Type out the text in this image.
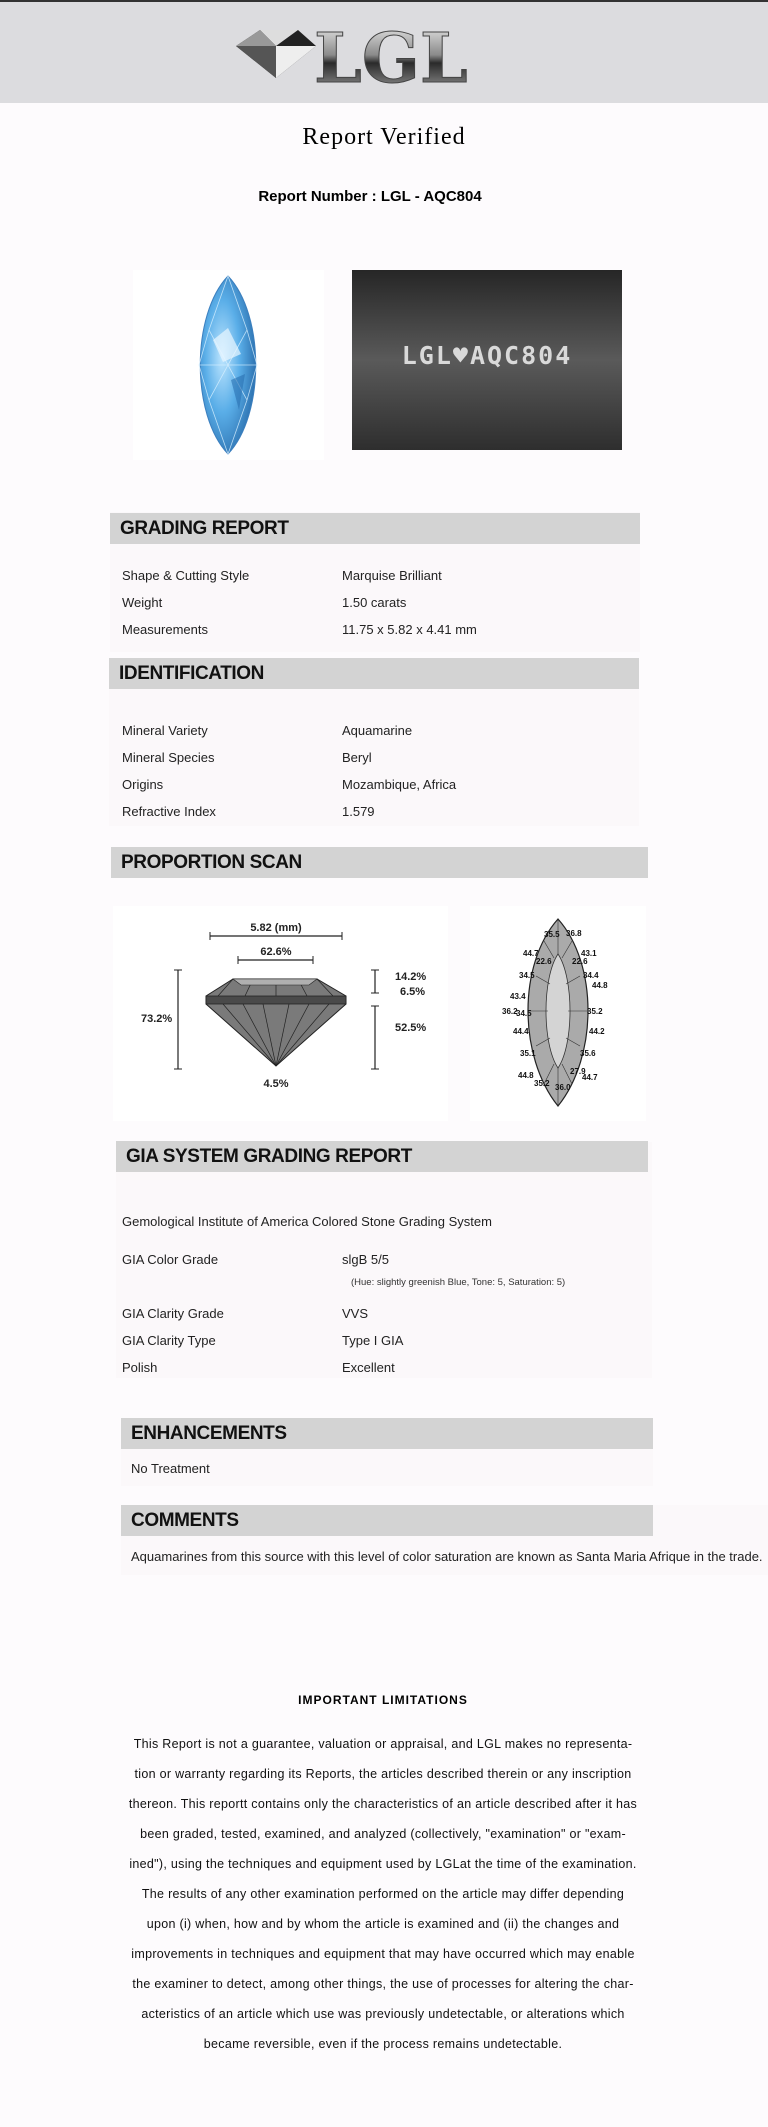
LGL
Report Verified
Report Number : LGL - AQC804
LGL♥AQC804
GRADING REPORT
Shape & Cutting Style	Marquise Brilliant
Weight	1.50 carats
Measurements	11.75 x 5.82 x 4.41 mm
IDENTIFICATION
Mineral Variety	Aquamarine
Mineral Species	Beryl
Origins	Mozambique, Africa
Refractive Index	1.579
PROPORTION SCAN
5.82 (mm)
62.6%
73.2%
14.2%
6.5%
52.5%
4.5%
35.5 36.8
44.7	43.1
22.6	22.6
34.5	34.4
44.8
43.4
35.2
36.2
34.5
44.4	44.2
35.1	35.6
44.8	27.9
44.7
35.2 36.0
GIA SYSTEM GRADING REPORT
Gemological Institute of America Colored Stone Grading System
GIA Color Grade	slgB 5/5
(Hue: slightly greenish Blue, Tone: 5, Saturation: 5)
GIA Clarity Grade	VVS
GIA Clarity Type	Type I GIA
Polish	Excellent
ENHANCEMENTS
No Treatment
COMMENTS
Aquamarines from this source with this level of color saturation are known as Santa Maria Afrique in the trade.
IMPORTANT LIMITATIONS
This Report is not a guarantee, valuation or appraisal, and LGL makes no representa-
tion or warranty regarding its Reports, the articles described therein or any inscription
thereon. This reportt contains only the characteristics of an article described after it has
been graded, tested, examined, and analyzed (collectively, "examination" or "exam-
ined"), using the techniques and equipment used by LGLat the time of the examination.
The results of any other examination performed on the article may differ depending
upon (i) when, how and by whom the article is examined and (ii) the changes and
improvements in techniques and equipment that may have occurred which may enable
the examiner to detect, among other things, the use of processes for altering the char-
acteristics of an article which use was previously undetectable, or alterations which
became reversible, even if the process remains undetectable.
